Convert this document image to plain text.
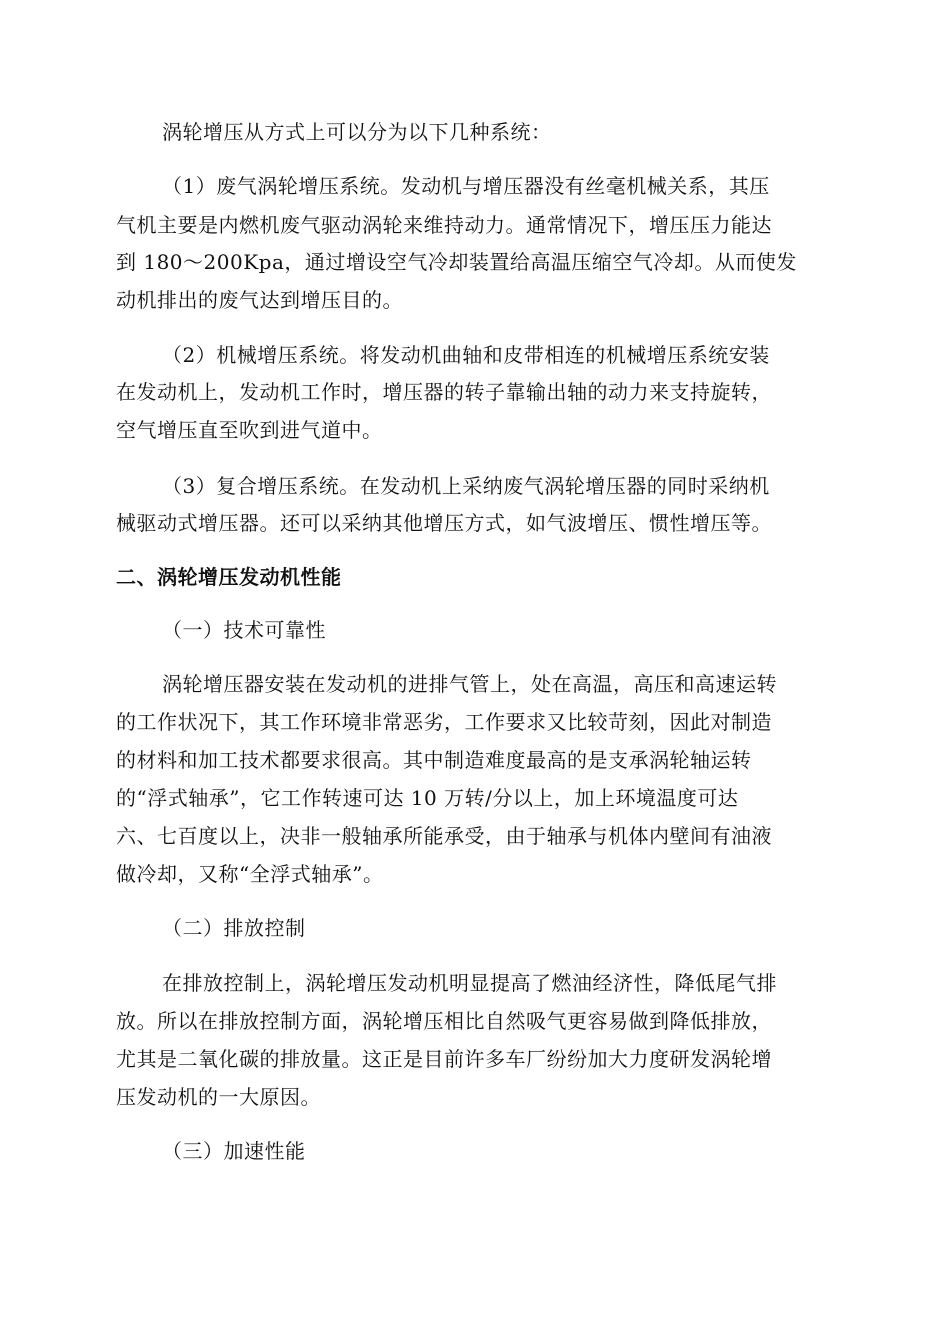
涡轮增压从方式上可以分为以下几种系统：
（1）废气涡轮增压系统。发动机与增压器没有丝毫机械关系，其压
气机主要是内燃机废气驱动涡轮来维持动力。通常情况下，增压压力能达
到 180～200Kpa，通过增设空气冷却装置给高温压缩空气冷却。从而使发
动机排出的废气达到增压目的。
（2）机械增压系统。将发动机曲轴和皮带相连的机械增压系统安装
在发动机上，发动机工作时，增压器的转子靠输出轴的动力来支持旋转，
空气增压直至吹到进气道中。
（3）复合增压系统。在发动机上采纳废气涡轮增压器的同时采纳机
械驱动式增压器。还可以采纳其他增压方式，如气波增压、惯性增压等。
二、涡轮增压发动机性能
（一）技术可靠性
涡轮增压器安装在发动机的进排气管上，处在高温，高压和高速运转
的工作状况下，其工作环境非常恶劣，工作要求又比较苛刻，因此对制造
的材料和加工技术都要求很高。其中制造难度最高的是支承涡轮轴运转
的“浮式轴承”，它工作转速可达 10 万转/分以上，加上环境温度可达
六、七百度以上，决非一般轴承所能承受，由于轴承与机体内壁间有油液
做冷却，又称“全浮式轴承”。
（二）排放控制
在排放控制上，涡轮增压发动机明显提高了燃油经济性，降低尾气排
放。所以在排放控制方面，涡轮增压相比自然吸气更容易做到降低排放，
尤其是二氧化碳的排放量。这正是目前许多车厂纷纷加大力度研发涡轮增
压发动机的一大原因。
（三）加速性能
